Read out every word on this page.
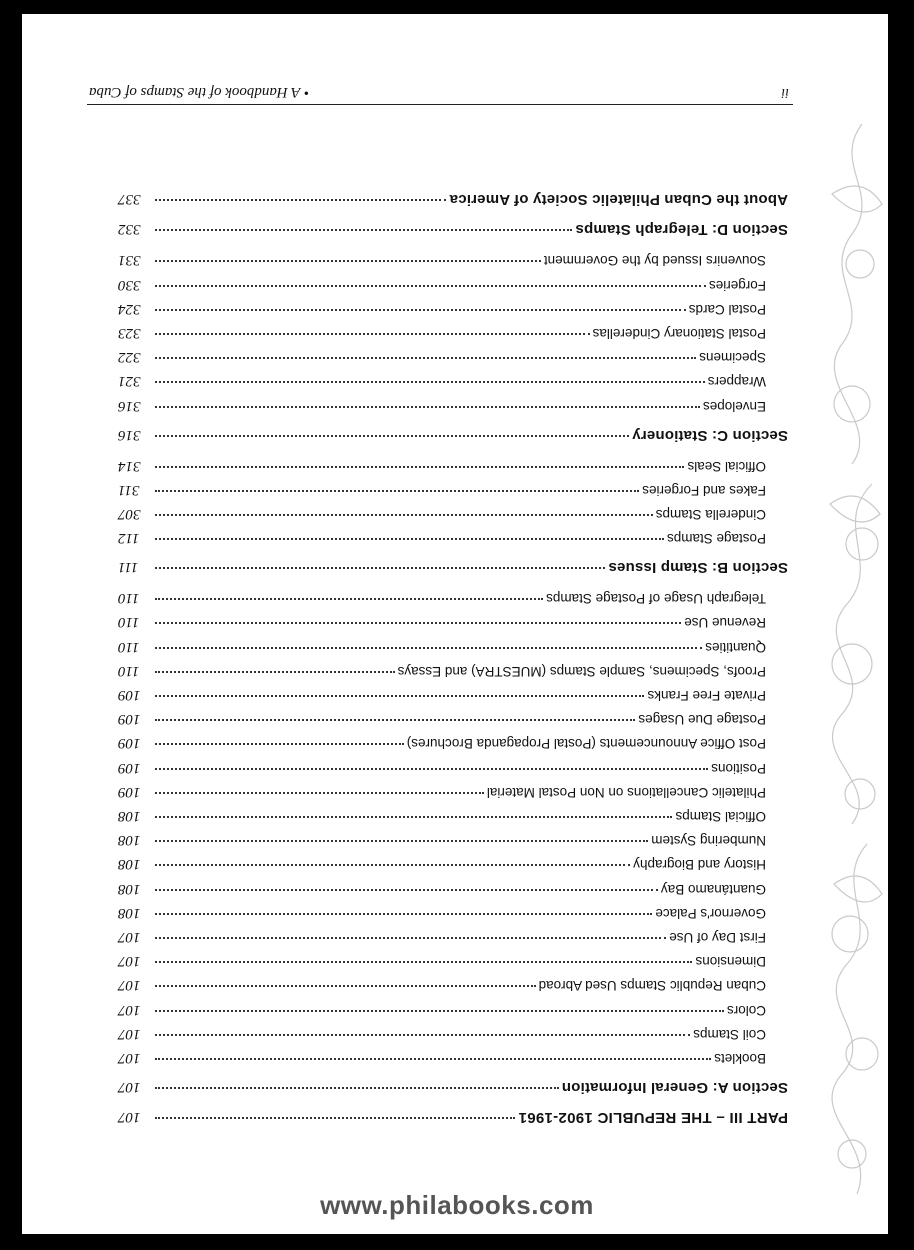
ii
• A Handbook of the Stamps of Cuba
PART III – THE REPUBLIC 1902-1961
107
Section A: General Information
107
Booklets
107
Coil Stamps
107
Colors
107
Cuban Republic Stamps Used Abroad
107
Dimensions
107
First Day of Use
107
Governor's Palace
108
Guantánamo Bay
108
History and Biography
108
Numbering System
108
Official Stamps
108
Philatelic Cancellations on Non Postal Material
109
Positions
109
Post Office Announcements (Postal Propaganda Brochures)
109
Postage Due Usages
109
Private Free Franks
109
Proofs, Specimens, Sample Stamps (MUESTRA) and Essays
110
Quantities
110
Revenue Use
110
Telegraph Usage of Postage Stamps
110
Section B: Stamp Issues
111
Postage Stamps
112
Cinderella Stamps
307
Fakes and Forgeries
311
Official Seals
314
Section C: Stationery
316
Envelopes
316
Wrappers
321
Specimens
322
Postal Stationary Cinderellas
323
Postal Cards
324
Forgeries
330
Souvenirs Issued by the Government
331
Section D: Telegraph Stamps
332
About the Cuban Philatelic Society of America
337
www.philabooks.com
